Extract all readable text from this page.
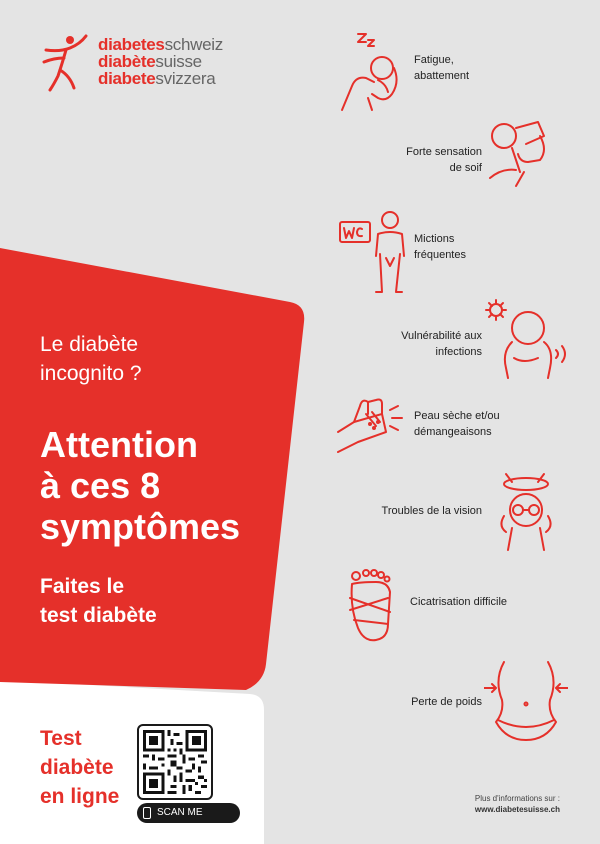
diabetesschweiz
diabètesuisse
diabetesvizzera
Le diabète
incognito ?
Attention
à ces 8
symptômes
Faites le
test diabète
Test
diabète
en ligne
SCAN ME
Plus d'informations sur :
www.diabetesuisse.ch
Fatigue,
abattement
Forte sensation
de soif
Mictions
fréquentes
Vulnérabilité aux
infections
Peau sèche et/ou
démangeaisons
Troubles de la vision
Cicatrisation difficile
Perte de poids
